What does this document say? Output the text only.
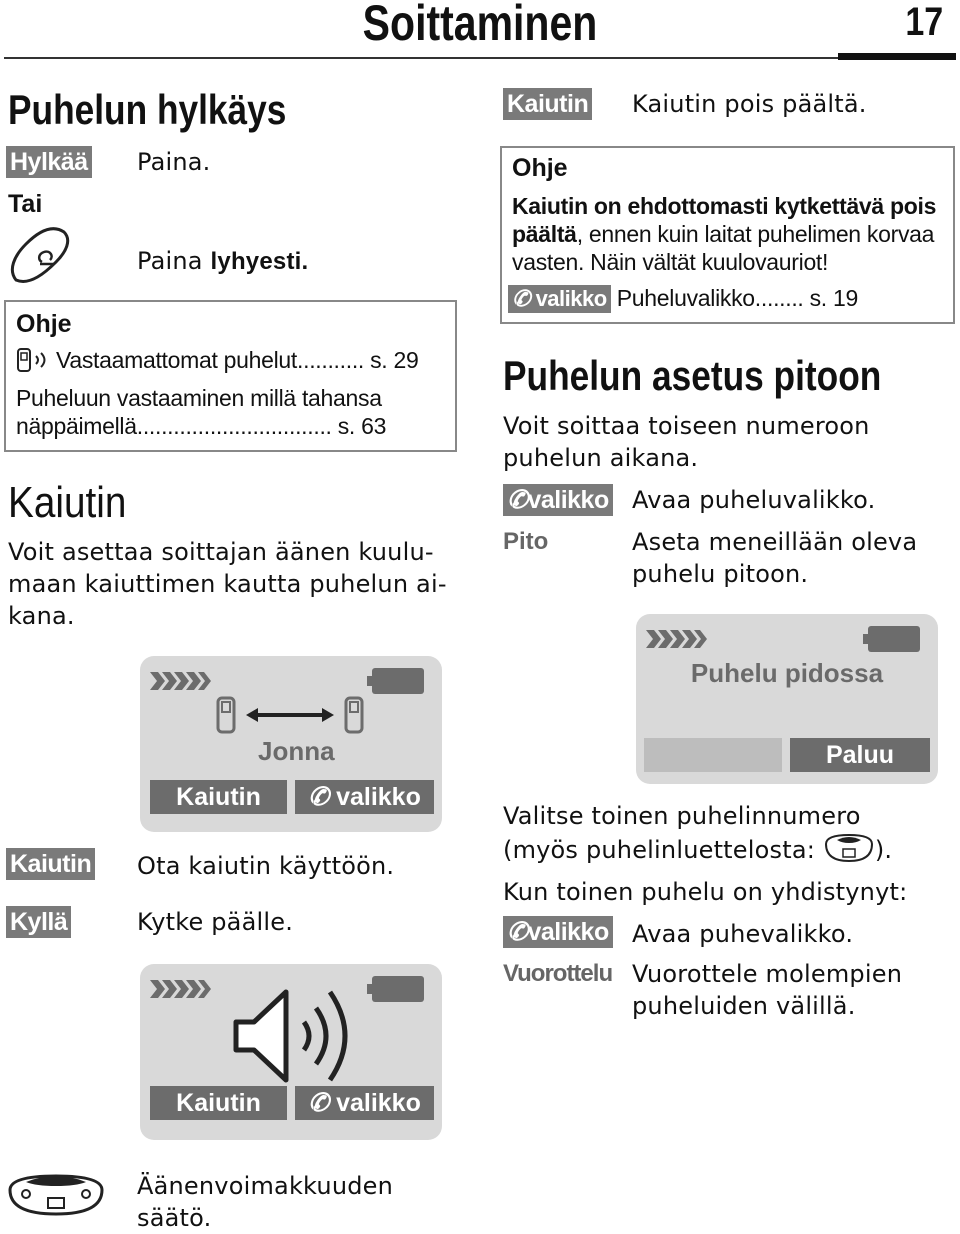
Soittaminen	17
Puhelun hylkäys
Hylkää Paina.
Tai
Paina lyhyesti.
Ohje
Vastaamattomat puhelut........... s. 29
Puheluun vastaaminen millä tahansa
näppäimellä................................ s. 63
Kaiutin
Voit asettaa soittajan äänen kuulu-
maan kaiuttimen kautta puhelun ai-
kana.
Jonna
Kaiutin	✆ valikko
Kaiutin Ota kaiutin käyttöön.
Kyllä	Kytke päälle.
Kaiutin	✆ valikko
Äänenvoimakkuuden
säätö.
Kaiutin Kaiutin pois päältä.
Ohje
Kaiutin on ehdottomasti kytkettävä pois
päältä, ennen kuin laitat puhelimen korvaa
vasten. Näin vältät kuulovauriot!
✆ valikko Puheluvalikko........ s. 19
Puhelun asetus pitoon
Voit soittaa toiseen numeroon
puhelun aikana.
✆valikko Avaa puheluvalikko.
Pito	Aseta meneillään oleva
puhelu pitoon.
Puhelu pidossa
Paluu
Valitse toinen puhelinnumero
(myös puhelinluettelosta: ).
Kun toinen puhelu on yhdistynyt:
✆valikko Avaa puhevalikko.
Vuorottelu Vuorottele molempien
puheluiden välillä.
